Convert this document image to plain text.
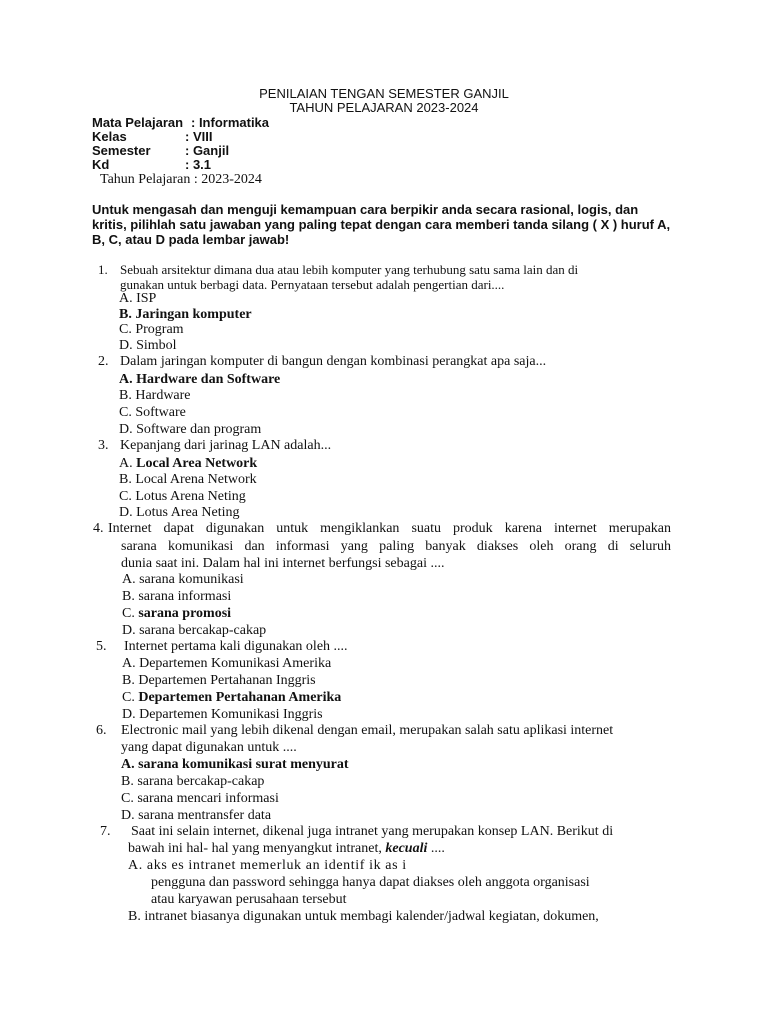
PENILAIAN TENGAN SEMESTER GANJIL
TAHUN PELAJARAN 2023-2024
Mata Pelajaran : Informatika
Kelas	: VIII
Semester	: Ganjil
Kd	: 3.1
Tahun Pelajaran : 2023-2024
Untuk mengasah dan menguji kemampuan cara berpikir anda secara rasional, logis, dan
kritis, pilihlah satu jawaban yang paling tepat dengan cara memberi tanda silang ( X ) huruf A,
B, C, atau D pada lembar jawab!
1. Sebuah arsitektur dimana dua atau lebih komputer yang terhubung satu sama lain dan di
gunakan untuk berbagi data. Pernyataan tersebut adalah pengertian dari....
A. ISP
B. Jaringan komputer
C. Program
D. Simbol
2. Dalam jaringan komputer di bangun dengan kombinasi perangkat apa saja...
A. Hardware dan Software
B. Hardware
C. Software
D. Software dan program
3. Kepanjang dari jarinag LAN adalah...
A. Local Area Network
B. Local Arena Network
C. Lotus Arena Neting
D. Lotus Area Neting
4. Internet dapat digunakan untuk mengiklankan suatu produk karena internet merupakan
sarana komunikasi dan informasi yang paling banyak diakses oleh orang di seluruh
dunia saat ini. Dalam hal ini internet berfungsi sebagai ....
A. sarana komunikasi
B. sarana informasi
C. sarana promosi
D. sarana bercakap-cakap
5. Internet pertama kali digunakan oleh ....
A. Departemen Komunikasi Amerika
B. Departemen Pertahanan Inggris
C. Departemen Pertahanan Amerika
D. Departemen Komunikasi Inggris
6. Electronic mail yang lebih dikenal dengan email, merupakan salah satu aplikasi internet
yang dapat digunakan untuk ....
A. sarana komunikasi surat menyurat
B. sarana bercakap-cakap
C. sarana mencari informasi
D. sarana mentransfer data
7. Saat ini selain internet, dikenal juga intranet yang merupakan konsep LAN. Berikut di
bawah ini hal- hal yang menyangkut intranet, kecuali ....
A. aks es intranet memerluk an identif ik as i
pengguna dan password sehingga hanya dapat diakses oleh anggota organisasi
atau karyawan perusahaan tersebut
B. intranet biasanya digunakan untuk membagi kalender/jadwal kegiatan, dokumen,
